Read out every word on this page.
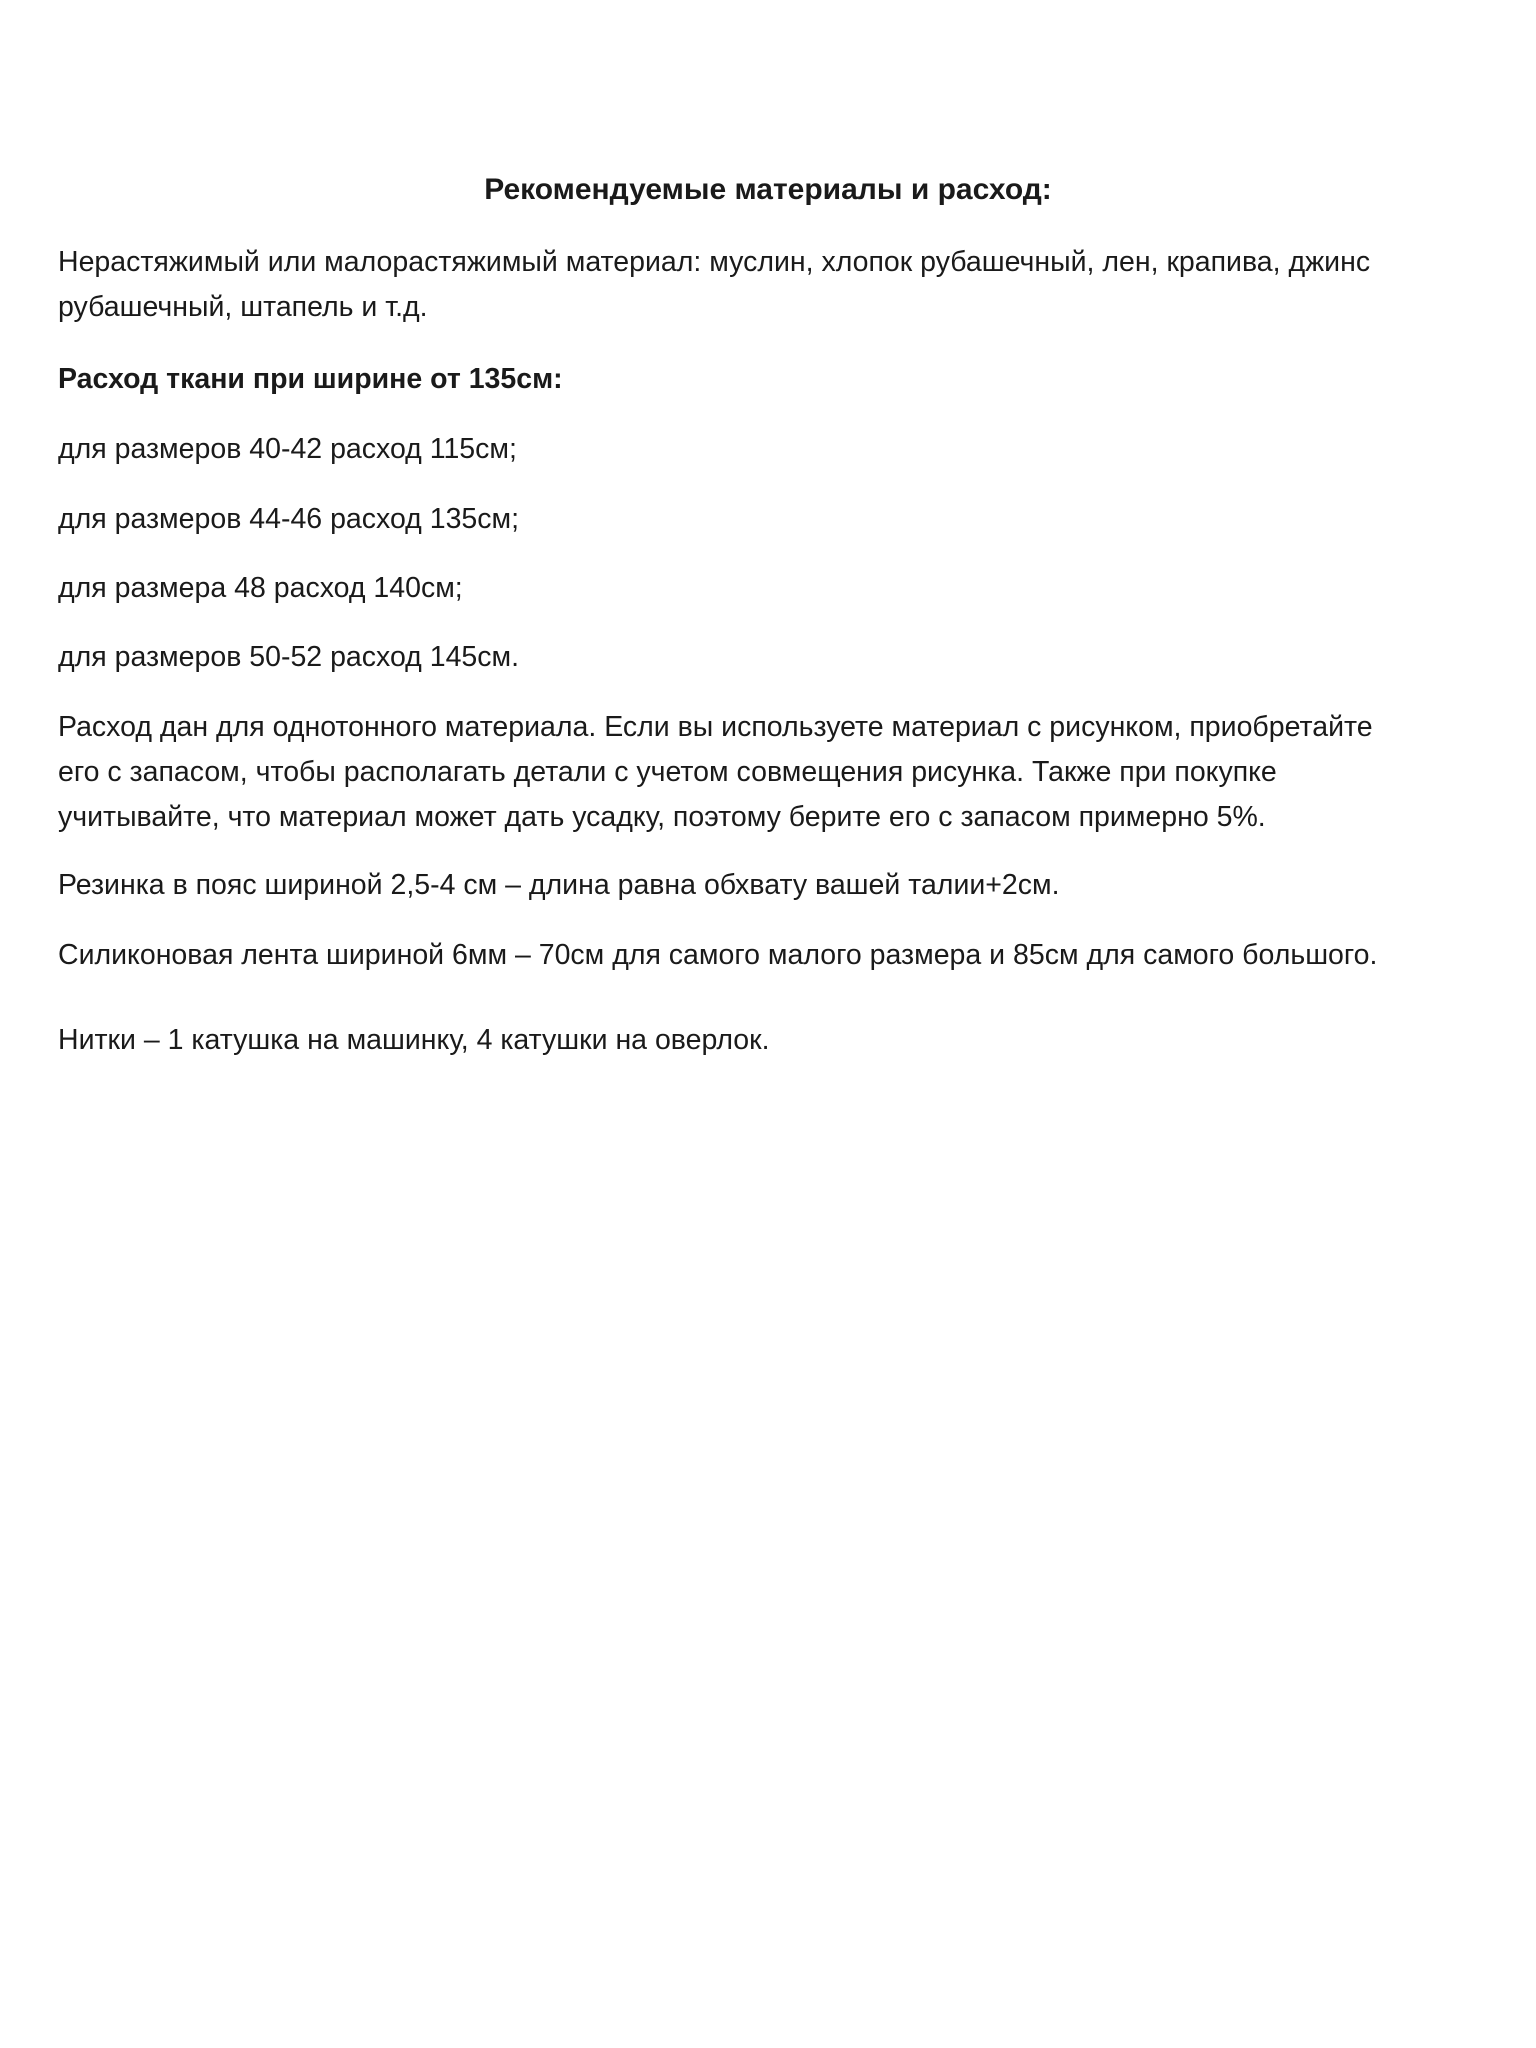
Рекомендуемые материалы и расход:

Нерастяжимый или малорастяжимый материал: муслин, хлопок рубашечный, лен, крапива, джинс
рубашечный, штапель и т.д.

Расход ткани при ширине от 135см:

для размеров 40-42 расход 115см;

для размеров 44-46 расход 135см;

для размера 48 расход 140см;

для размеров 50-52 расход 145см.

Расход дан для однотонного материала. Если вы используете материал с рисунком, приобретайте
его с запасом, чтобы располагать детали с учетом совмещения рисунка. Также при покупке
учитывайте, что материал может дать усадку, поэтому берите его с запасом примерно 5%.

Резинка в пояс шириной 2,5-4 см – длина равна обхвату вашей талии+2см.

Силиконовая лента шириной 6мм – 70см для самого малого размера и 85см для самого большого.

Нитки – 1 катушка на машинку, 4 катушки на оверлок.
